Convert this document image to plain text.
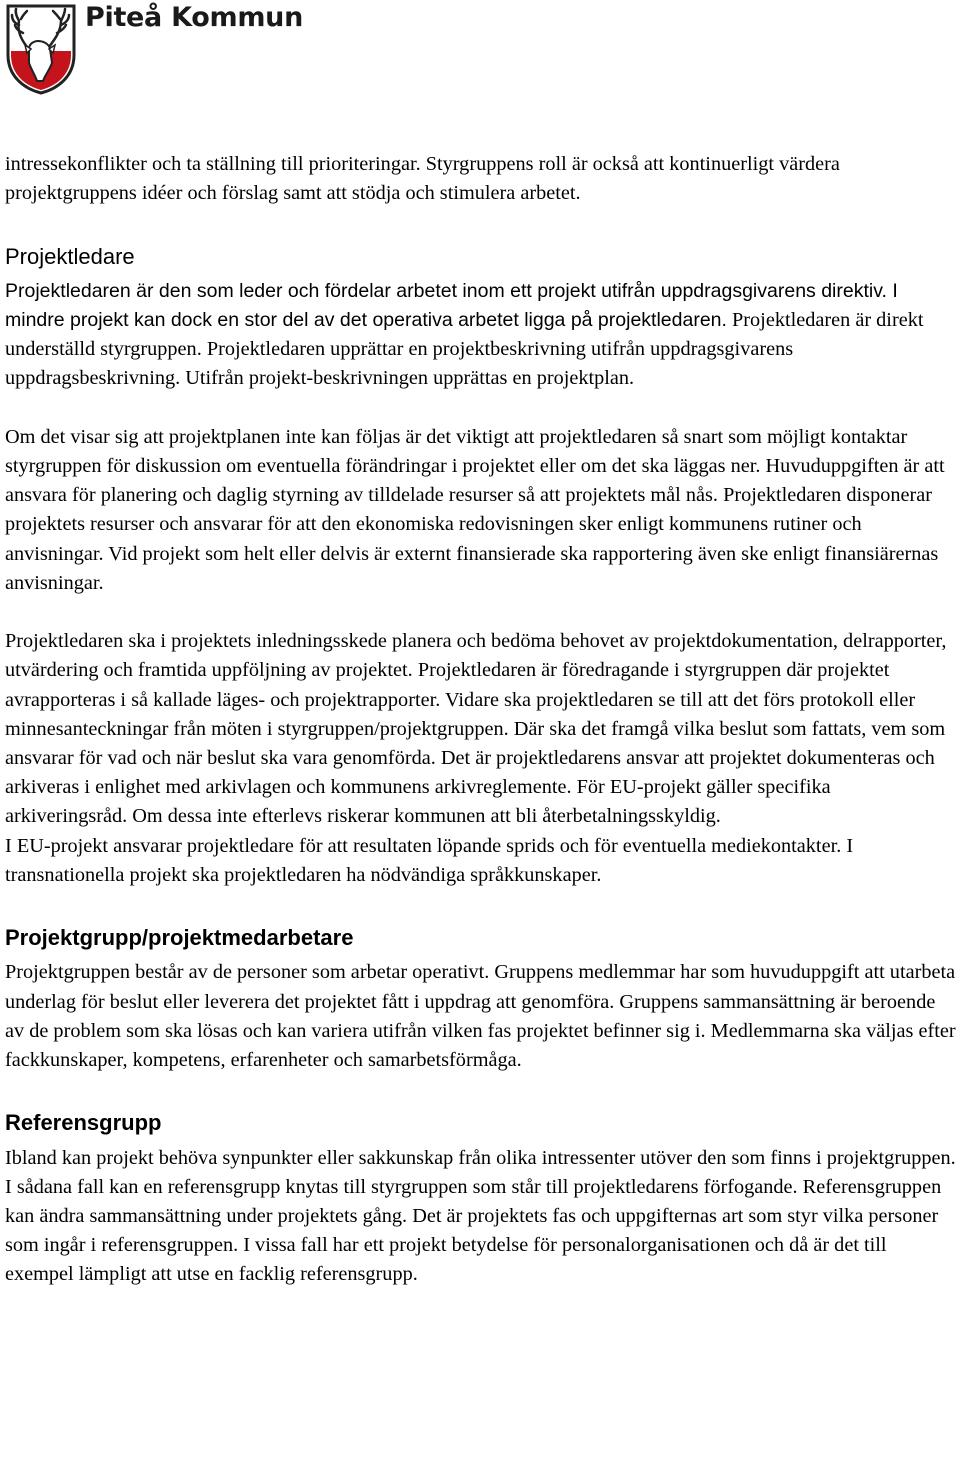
Piteå Kommun

intressekonflikter och ta ställning till prioriteringar. Styrgruppens roll är också att kontinuerligt värdera projektgruppens idéer och förslag samt att stödja och stimulera arbetet.

Projektledare

Projektledaren är den som leder och fördelar arbetet inom ett projekt utifrån uppdragsgivarens direktiv. I mindre projekt kan dock en stor del av det operativa arbetet ligga på projektledaren. Projektledaren är direkt underställd styrgruppen. Projektledaren upprättar en projektbeskrivning utifrån uppdragsgivarens uppdragsbeskrivning. Utifrån projekt-beskrivningen upprättas en projektplan.

Om det visar sig att projektplanen inte kan följas är det viktigt att projektledaren så snart som möjligt kontaktar styrgruppen för diskussion om eventuella förändringar i projektet eller om det ska läggas ner. Huvuduppgiften är att ansvara för planering och daglig styrning av tilldelade resurser så att projektets mål nås. Projektledaren disponerar projektets resurser och ansvarar för att den ekonomiska redovisningen sker enligt kommunens rutiner och anvisningar. Vid projekt som helt eller delvis är externt finansierade ska rapportering även ske enligt finansiärernas anvisningar.

Projektledaren ska i projektets inledningsskede planera och bedöma behovet av projektdokumentation, delrapporter, utvärdering och framtida uppföljning av projektet. Projektledaren är föredragande i styrgruppen där projektet avrapporteras i så kallade läges- och projektrapporter. Vidare ska projektledaren se till att det förs protokoll eller minnesanteckningar från möten i styrgruppen/projektgruppen. Där ska det framgå vilka beslut som fattats, vem som ansvarar för vad och när beslut ska vara genomförda. Det är projektledarens ansvar att projektet dokumenteras och arkiveras i enlighet med arkivlagen och kommunens arkivreglemente. För EU-projekt gäller specifika arkiveringsråd. Om dessa inte efterlevs riskerar kommunen att bli återbetalningsskyldig.

I EU-projekt ansvarar projektledare för att resultaten löpande sprids och för eventuella mediekontakter. I transnationella projekt ska projektledaren ha nödvändiga språkkunskaper.

Projektgrupp/projektmedarbetare

Projektgruppen består av de personer som arbetar operativt. Gruppens medlemmar har som huvuduppgift att utarbeta underlag för beslut eller leverera det projektet fått i uppdrag att genomföra. Gruppens sammansättning är beroende av de problem som ska lösas och kan variera utifrån vilken fas projektet befinner sig i. Medlemmarna ska väljas efter fackkunskaper, kompetens, erfarenheter och samarbetsförmåga.

Referensgrupp

Ibland kan projekt behöva synpunkter eller sakkunskap från olika intressenter utöver den som finns i projektgruppen. I sådana fall kan en referensgrupp knytas till styrgruppen som står till projektledarens förfogande. Referensgruppen kan ändra sammansättning under projektets gång. Det är projektets fas och uppgifternas art som styr vilka personer som ingår i referensgruppen. I vissa fall har ett projekt betydelse för personalorganisationen och då är det till exempel lämpligt att utse en facklig referensgrupp.
